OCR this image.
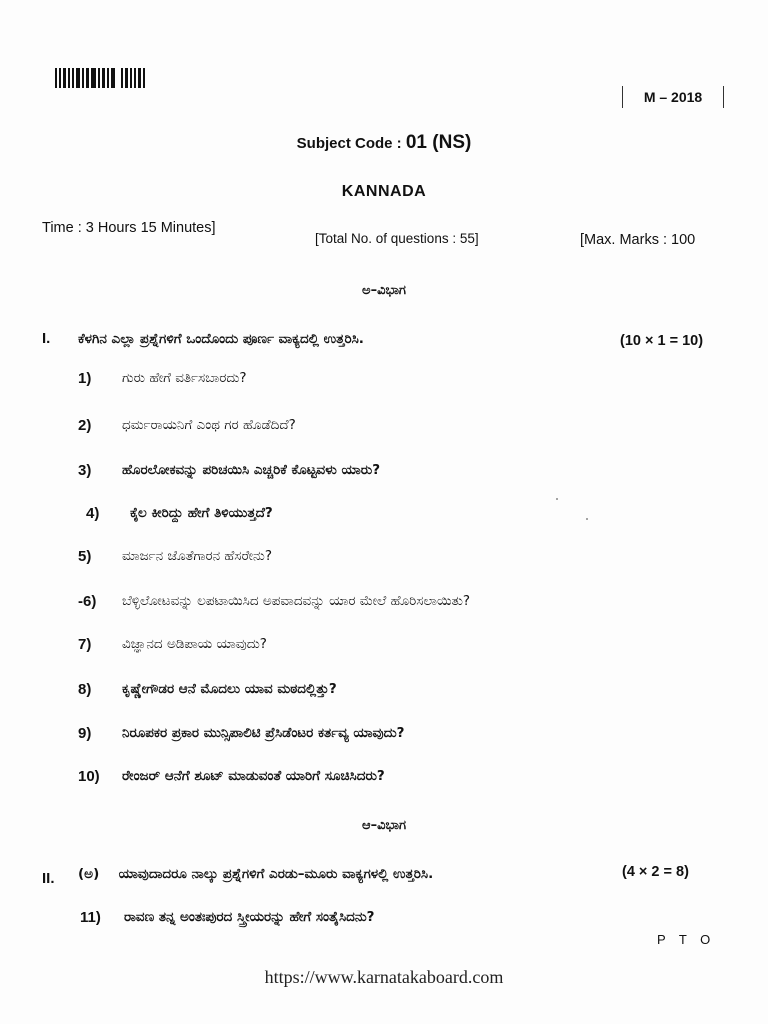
M – 2018
Subject Code : 01 (NS)
KANNADA
Time : 3 Hours 15 Minutes]
[Total No. of questions : 55]	[Max. Marks : 100
ಅ–ವಿಭಾಗ
I. ಕೆಳಗಿನ ಎಲ್ಲಾ ಪ್ರಶ್ನೆಗಳಿಗೆ ಒಂದೊಂದು ಪೂರ್ಣ ವಾಕ್ಯದಲ್ಲಿ ಉತ್ತರಿಸಿ.	(10 × 1 = 10)
1)	ಗುರು ಹೇಗೆ ವರ್ತಿಸಬಾರದು?
2)	ಧರ್ಮರಾಯನಿಗೆ ಎಂಥ ಗರ ಹೊಡೆದಿದೆ?
3)	ಹೊರಲೋಕವನ್ನು ಪರಿಚಯಿಸಿ ಎಚ್ಚರಿಕೆ ಕೊಟ್ಟವಳು ಯಾರು?
4)	ಕೈಲ ಕೀರಿದ್ದು ಹೇಗೆ ತಿಳಿಯುತ್ತದೆ?
5)	ಮಾರ್ಜನ ಜೊತೆಗಾರನ ಹೆಸರೇನು?
-6)	ಬೆಳ್ಳಿಲೋಟವನ್ನು ಲಪಟಾಯಿಸಿದ ಅಪವಾದವನ್ನು ಯಾರ ಮೇಲೆ ಹೊರಿಸಲಾಯಿತು?
7)	ವಿಜ್ಞಾನದ ಅಡಿಪಾಯ ಯಾವುದು?
8)	ಕೃಷ್ಣೇಗೌಡರ ಆನೆ ಮೊದಲು ಯಾವ ಮಠದಲ್ಲಿತ್ತು?
9)	ನಿರೂಪಕರ ಪ್ರಕಾರ ಮುನ್ಸಿಪಾಲಿಟಿ ಪ್ರೆಸಿಡೆಂಟರ ಕರ್ತವ್ಯ ಯಾವುದು?
10)	ರೇಂಜರ್ ಆನೆಗೆ ಶೂಟ್ ಮಾಡುವಂತೆ ಯಾರಿಗೆ ಸೂಚಿಸಿದರು?
ಆ–ವಿಭಾಗ
II. (ಅ) ಯಾವುದಾದರೂ ನಾಲ್ಕು ಪ್ರಶ್ನೆಗಳಿಗೆ ಎರಡು–ಮೂರು ವಾಕ್ಯಗಳಲ್ಲಿ ಉತ್ತರಿಸಿ.	(4 × 2 = 8)
11)	ರಾವಣ ತನ್ನ ಅಂತಃಪುರದ ಸ್ತ್ರೀಯರನ್ನು ಹೇಗೆ ಸಂತೈಸಿದನು?
P T O
https://www.karnatakaboard.com
